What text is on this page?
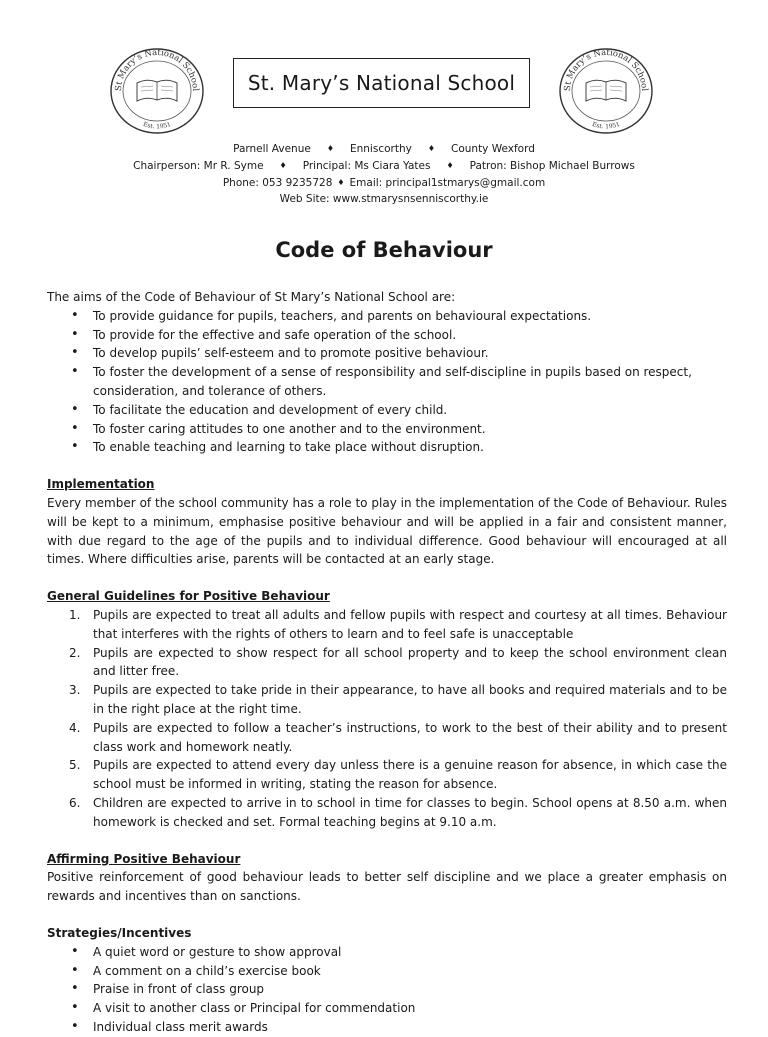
St Mary’s National School
Est. 1951
St. Mary’s National School	St Mary’s National School
Est. 1951
Parnell Avenue ♦ Enniscorthy ♦ County Wexford
Chairperson: Mr R. Syme ♦ Principal: Ms Ciara Yates ♦ Patron: Bishop Michael Burrows
Phone: 053 9235728 ♦ Email: principal1stmarys@gmail.com
Web Site: www.stmarysnsenniscorthy.ie
Code of Behaviour
The aims of the Code of Behaviour of St Mary’s National School are:
• To provide guidance for pupils, teachers, and parents on behavioural expectations.
• To provide for the effective and safe operation of the school.
• To develop pupils’ self-esteem and to promote positive behaviour.
• To foster the development of a sense of responsibility and self-discipline in pupils based on respect, consideration, and tolerance of others.
• To facilitate the education and development of every child.
• To foster caring attitudes to one another and to the environment.
• To enable teaching and learning to take place without disruption.
Implementation
Every member of the school community has a role to play in the implementation of the Code of Behaviour. Rules will be kept to a minimum, emphasise positive behaviour and will be applied in a fair and consistent manner, with due regard to the age of the pupils and to individual difference. Good behaviour will encouraged at all times. Where difficulties arise, parents will be contacted at an early stage.
General Guidelines for Positive Behaviour
1. Pupils are expected to treat all adults and fellow pupils with respect and courtesy at all times. Behaviour that interferes with the rights of others to learn and to feel safe is unacceptable
2. Pupils are expected to show respect for all school property and to keep the school environment clean and litter free.
3. Pupils are expected to take pride in their appearance, to have all books and required materials and to be in the right place at the right time.
4. Pupils are expected to follow a teacher’s instructions, to work to the best of their ability and to present class work and homework neatly.
5. Pupils are expected to attend every day unless there is a genuine reason for absence, in which case the school must be informed in writing, stating the reason for absence.
6. Children are expected to arrive in to school in time for classes to begin. School opens at 8.50 a.m. when homework is checked and set. Formal teaching begins at 9.10 a.m.
Affirming Positive Behaviour
Positive reinforcement of good behaviour leads to better self discipline and we place a greater emphasis on rewards and incentives than on sanctions.
Strategies/Incentives
• A quiet word or gesture to show approval
• A comment on a child’s exercise book
• Praise in front of class group
• A visit to another class or Principal for commendation
• Individual class merit awards
